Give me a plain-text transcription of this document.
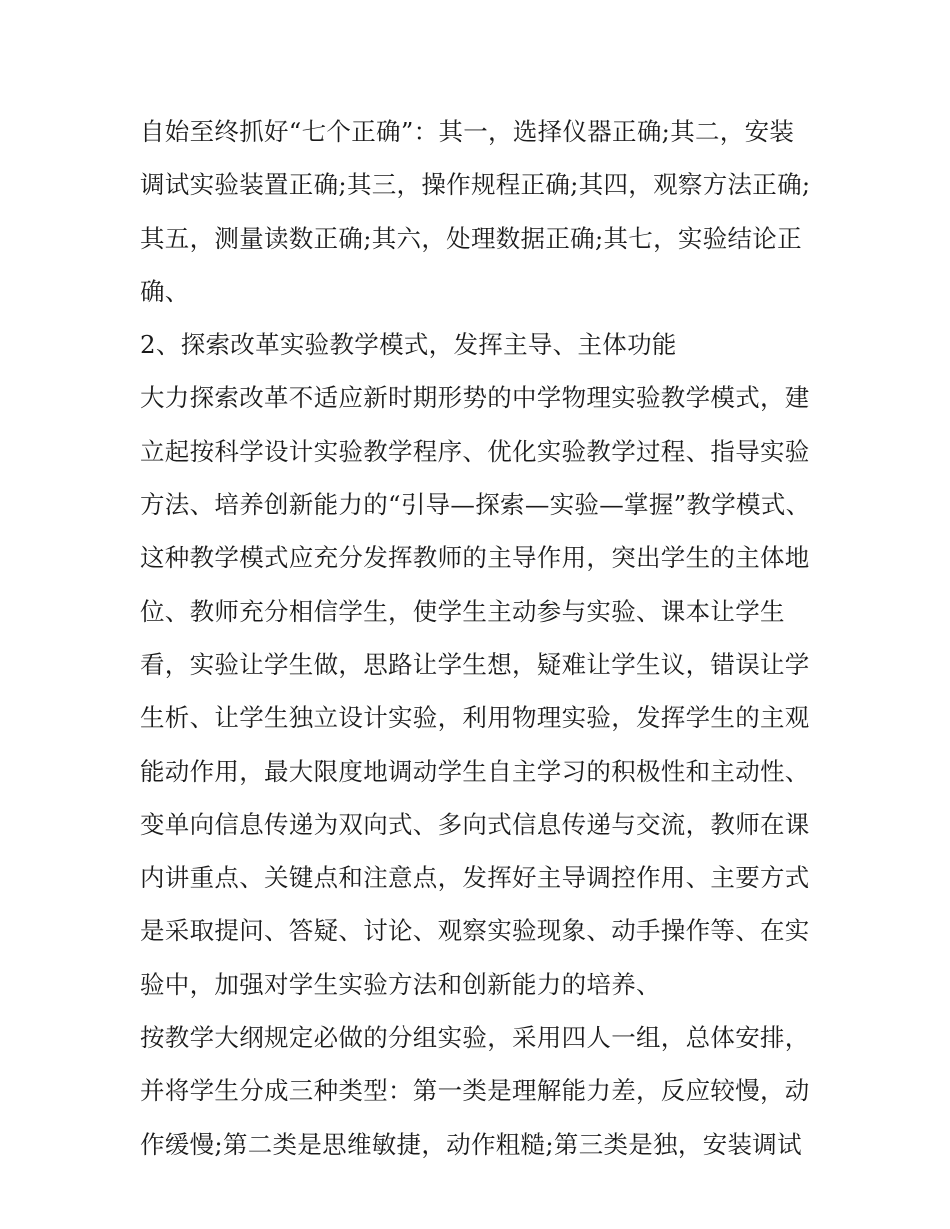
自始至终抓好“七个正确”：其一，选择仪器正确;其二，安装
调试实验装置正确;其三，操作规程正确;其四，观察方法正确;
其五，测量读数正确;其六，处理数据正确;其七，实验结论正
确、
2、探索改革实验教学模式，发挥主导、主体功能
大力探索改革不适应新时期形势的中学物理实验教学模式，建
立起按科学设计实验教学程序、优化实验教学过程、指导实验
方法、培养创新能力的“引导—探索—实验—掌握”教学模式、
这种教学模式应充分发挥教师的主导作用，突出学生的主体地
位、教师充分相信学生，使学生主动参与实验、课本让学生
看，实验让学生做，思路让学生想，疑难让学生议，错误让学
生析、让学生独立设计实验，利用物理实验，发挥学生的主观
能动作用，最大限度地调动学生自主学习的积极性和主动性、
变单向信息传递为双向式、多向式信息传递与交流，教师在课
内讲重点、关键点和注意点，发挥好主导调控作用、主要方式
是采取提问、答疑、讨论、观察实验现象、动手操作等、在实
验中，加强对学生实验方法和创新能力的培养、
按教学大纲规定必做的分组实验，采用四人一组，总体安排，
并将学生分成三种类型：第一类是理解能力差，反应较慢，动
作缓慢;第二类是思维敏捷，动作粗糙;第三类是独，安装调试
